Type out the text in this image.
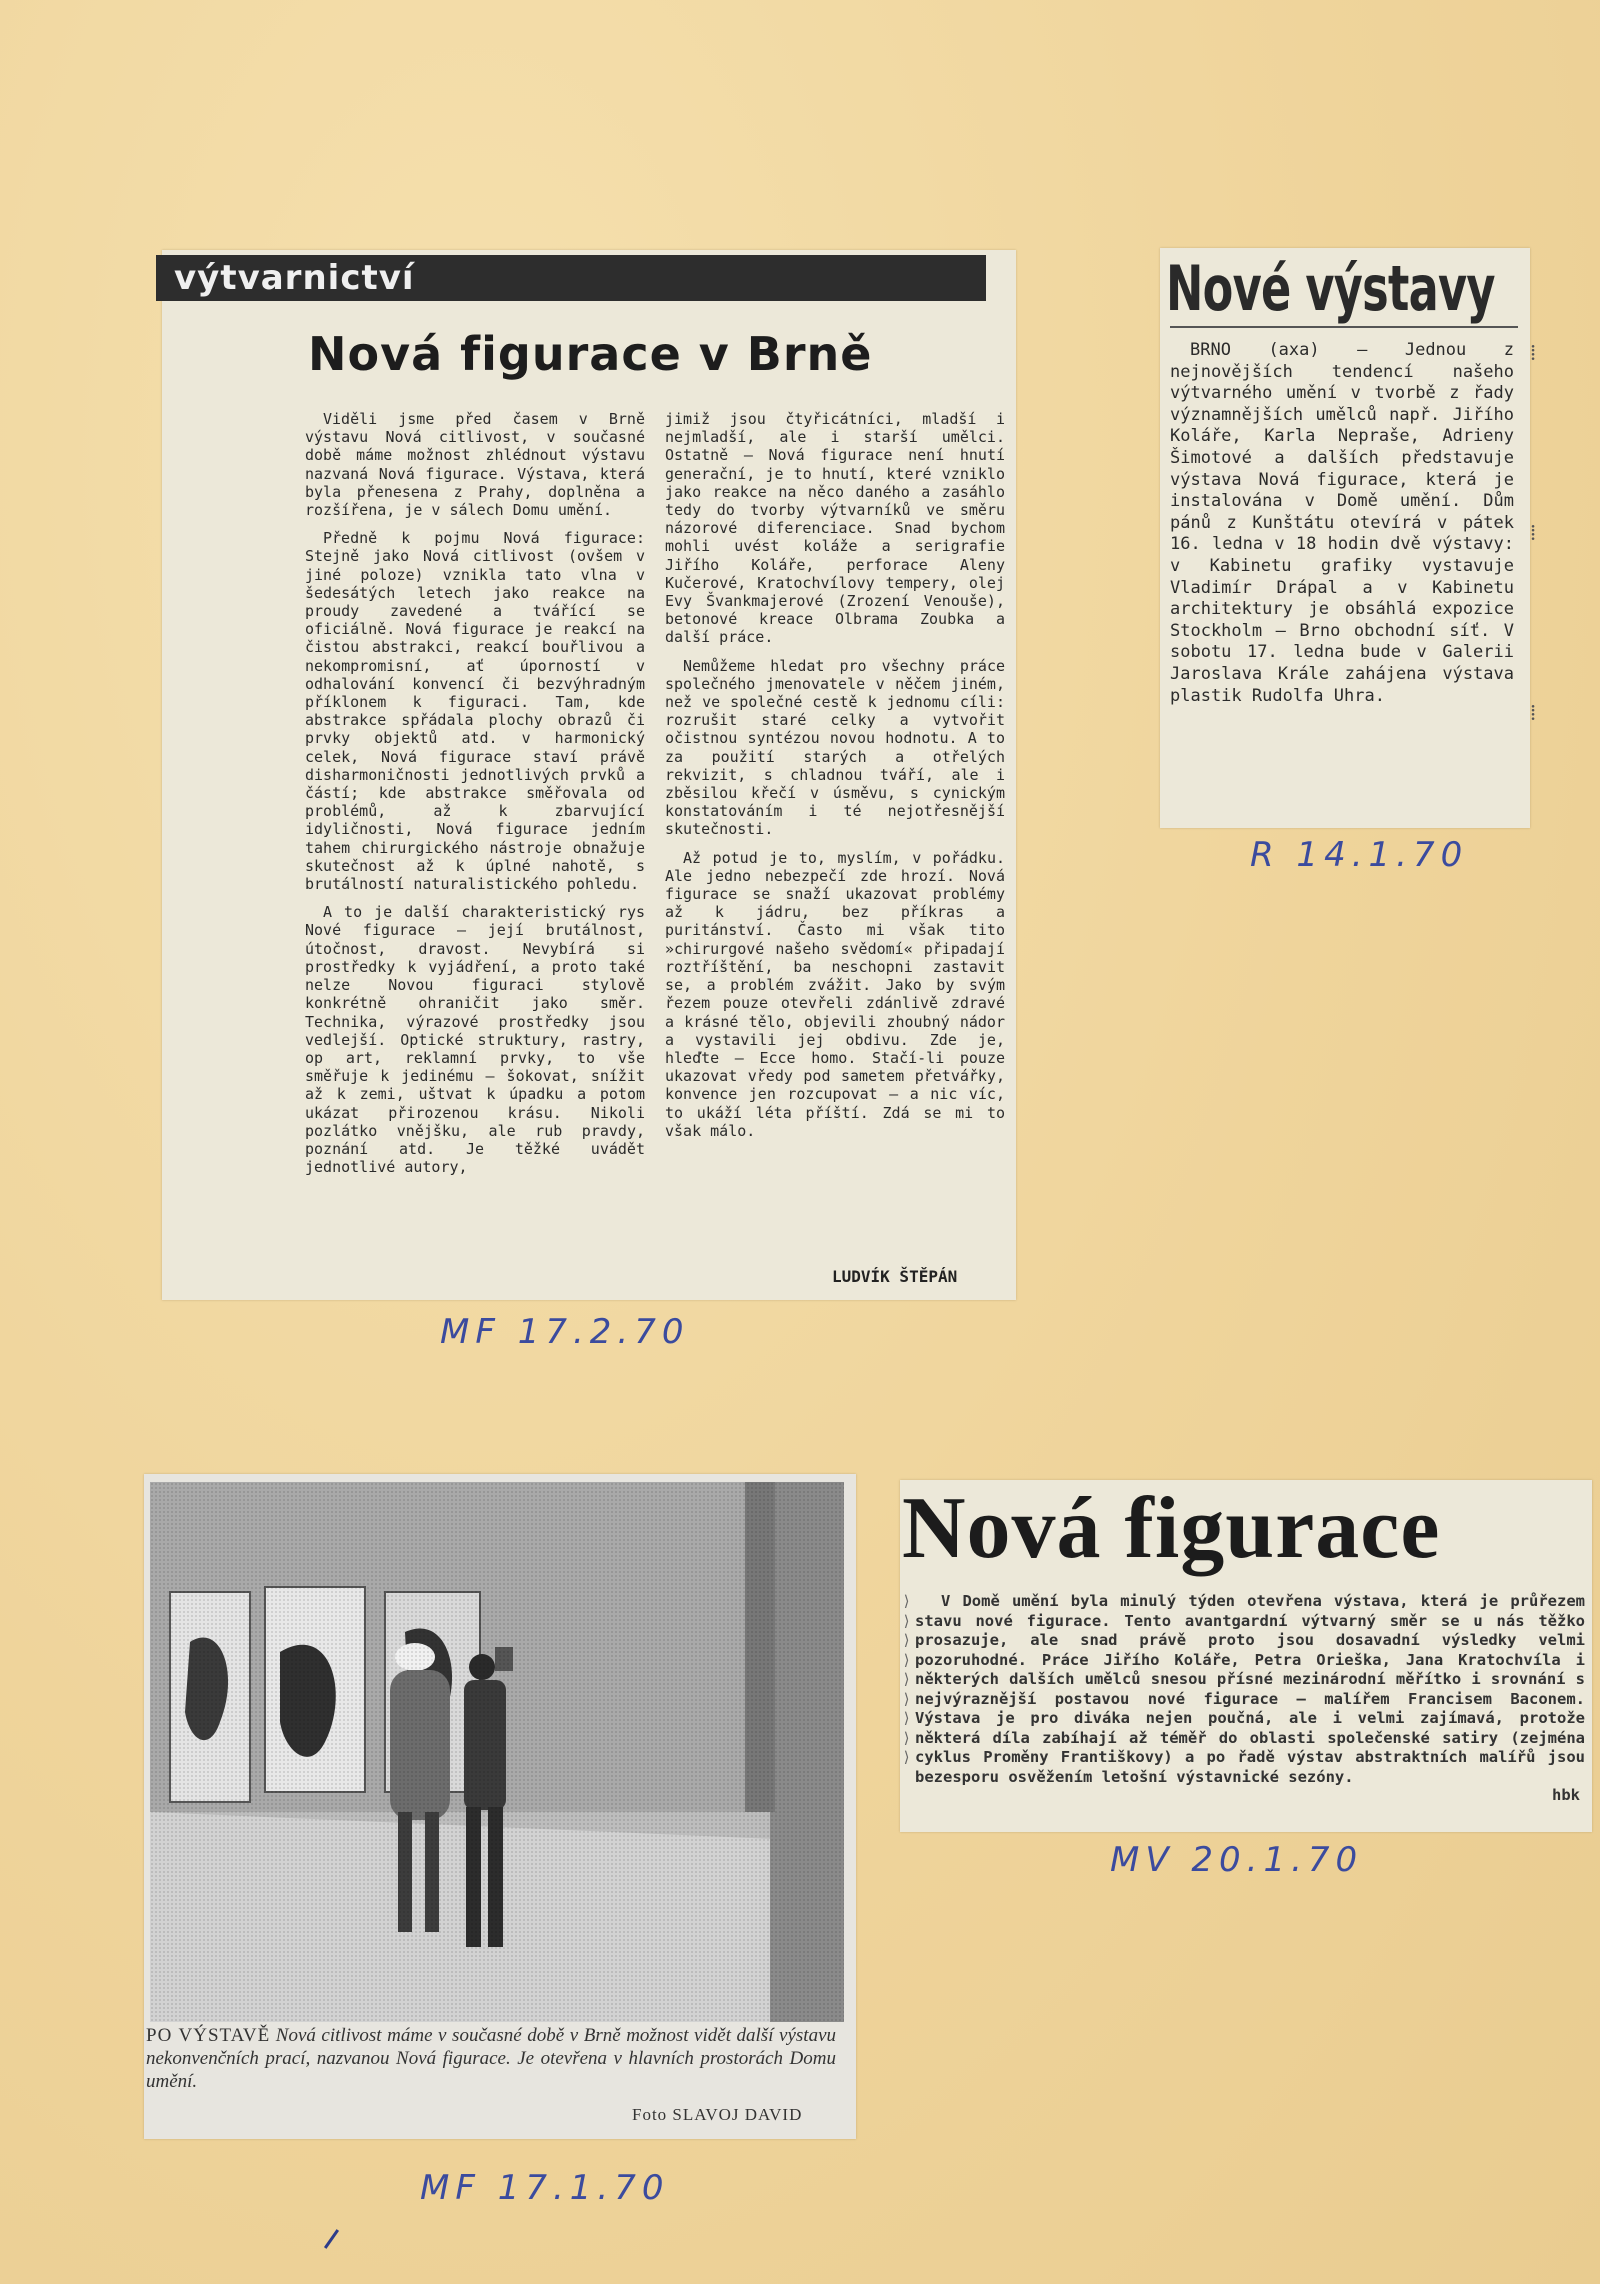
výtvarnictví
Nová figurace v Brně

Viděli jsme před časem v Brně výstavu Nová citlivost, v současné době máme možnost zhlédnout výstavu nazvaná Nová figurace. Výstava, která byla přenesena z Prahy, doplněna a rozšířena, je v sálech Domu umění.

Předně k pojmu Nová figurace: Stejně jako Nová citlivost (ovšem v jiné poloze) vznikla tato vlna v šedesátých letech jako reakce na proudy zavedené a tvářící se oficiálně. Nová figurace je reakcí na čistou abstrakci, reakcí bouřlivou a nekompromisní, ať úporností v odhalování konvencí či bezvýhradným příklonem k figuraci. Tam, kde abstrakce spřádala plochy obrazů či prvky objektů atd. v harmonický celek, Nová figurace staví právě disharmoničnosti jednotlivých prvků a částí; kde abstrakce směřovala od problémů, až k zbarvující idyličnosti, Nová figurace jedním tahem chirurgického nástroje obnažuje skutečnost až k úplné nahotě, s brutálností naturalistického pohledu.

A to je další charakteristický rys Nové figurace — její brutálnost, útočnost, dravost. Nevybírá si prostředky k vyjádření, a proto také nelze Novou figuraci stylově konkrétně ohraničit jako směr. Technika, výrazové prostředky jsou vedlejší. Optické struktury, rastry, op art, reklamní prvky, to vše směřuje k jedinému — šokovat, snížit až k zemi, uštvat k úpadku a potom ukázat přirozenou krásu. Nikoli pozlátko vnějšku, ale rub pravdy, poznání atd. Je těžké uvádět jednotlivé autory,

jimiž jsou čtyřicátníci, mladší i nejmladší, ale i starší umělci. Ostatně — Nová figurace není hnutí generační, je to hnutí, které vzniklo jako reakce na něco daného a zasáhlo tedy do tvorby výtvarníků ve směru názorové diferenciace. Snad bychom mohli uvést koláže a serigrafie Jiřího Koláře, perforace Aleny Kučerové, Kratochvílovy tempery, olej Evy Švankmajerové (Zrození Venouše), betonové kreace Olbrama Zoubka a další práce.

Nemůžeme hledat pro všechny práce společného jmenovatele v něčem jiném, než ve společné cestě k jednomu cíli: rozrušit staré celky a vytvořit očistnou syntézou novou hodnotu. A to za použití starých a otřelých rekvizit, s chladnou tváří, ale i zběsilou křečí v úsměvu, s cynickým konstatováním i té nejotřesnější skutečnosti.

Až potud je to, myslím, v pořádku. Ale jedno nebezpečí zde hrozí. Nová figurace se snaží ukazovat problémy až k jádru, bez příkras a puritánství. Často mi však tito »chirurgové našeho svědomí« připadají roztříštění, ba neschopni zastavit se, a problém zvážit. Jako by svým řezem pouze otevřeli zdánlivě zdravé a krásné tělo, objevili zhoubný nádor a vystavili jej obdivu. Zde je, hleďte — Ecce homo. Stačí-li pouze ukazovat vředy pod sametem přetvářky, konvence jen rozcupovat — a nic víc, to ukáží léta příští. Zdá se mi to však málo.

LUDVÍK ŠTĚPÁN
MF 17.2.70
Nové výstavy
BRNO (axa) — Jednou z nejnovějších tendencí našeho výtvarného umění v tvorbě z řady významnějších umělců např. Jiřího Koláře, Karla Nepraše, Adrieny Šimotové a dalších představuje výstava Nová figurace, která je instalována v Domě umění. Dům pánů z Kunštátu otevírá v pátek 16. ledna v 18 hodin dvě výstavy: v Kabinetu grafiky vystavuje Vladimír Drápal a v Kabinetu architektury je obsáhlá expozice Stockholm — Brno obchodní síť. V sobotu 17. ledna bude v Galerii Jaroslava Krále zahájena výstava plastik Rudolfa Uhra.
⁞
⁞
⁞
R 14.1.70
Nová figurace
⟩
⟩
⟩
⟩
⟩
⟩
⟩
⟩
⟩
V Domě umění byla minulý týden otevřena výstava, která je průřezem stavu nové figurace. Tento avantgardní výtvarný směr se u nás těžko prosazuje, ale snad právě proto jsou dosavadní výsledky velmi pozoruhodné. Práce Jiřího Koláře, Petra Orieška, Jana Kratochvíla i některých dalších umělců snesou přísné mezinárodní měřítko i srovnání s nejvýraznější postavou nové figurace — malířem Francisem Baconem. Výstava je pro diváka nejen poučná, ale i velmi zajímavá, protože některá díla zabíhají až téměř do oblasti společenské satiry (zejména cyklus Proměny Františkovy) a po řadě výstav abstraktních malířů jsou bezesporu osvěžením letošní výstavnické sezóny.
hbk
MV 20.1.70
PO VÝSTAVĚ Nová citlivost máme v současné době v Brně možnost vidět další výstavu nekonvenčních prací, nazvanou Nová figurace. Je otevřena v hlavních prostorách Domu umění.
Foto SLAVOJ DAVID
MF 17.1.70
